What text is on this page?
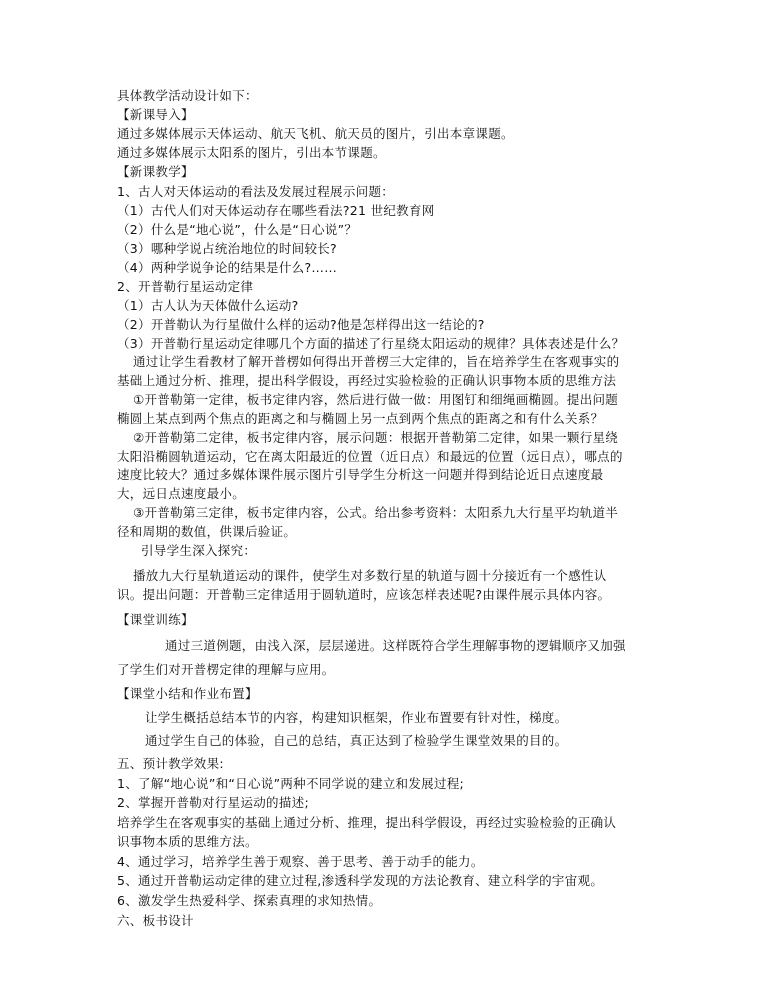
具体教学活动设计如下：
【新课导入】
通过多媒体展示天体运动、航天飞机、航天员的图片，引出本章课题。
通过多媒体展示太阳系的图片，引出本节课题。
【新课教学】
1、古人对天体运动的看法及发展过程展示问题：
（1）古代人们对天体运动存在哪些看法?21 世纪教育网
（2）什么是“地心说”，什么是“日心说”？
（3）哪种学说占统治地位的时间较长?
（4）两种学说争论的结果是什么?……
2、开普勒行星运动定律
（1）古人认为天体做什么运动?
（2）开普勒认为行星做什么样的运动?他是怎样得出这一结论的?
（3）开普勒行星运动定律哪几个方面的描述了行星绕太阳运动的规律？具体表述是什么？
通过让学生看教材了解开普楞如何得出开普楞三大定律的，旨在培养学生在客观事实的
基础上通过分析、推理，提出科学假设，再经过实验检验的正确认识事物本质的思维方法
①开普勒第一定律，板书定律内容，然后进行做一做：用图钉和细绳画椭圆。提出问题
椭圆上某点到两个焦点的距离之和与椭圆上另一点到两个焦点的距离之和有什么关系？
②开普勒第二定律，板书定律内容，展示问题：根据开普勒第二定律，如果一颗行星绕
太阳沿椭圆轨道运动，它在离太阳最近的位置（近日点）和最远的位置（远日点），哪点的
速度比较大？通过多媒体课件展示图片引导学生分析这一问题并得到结论近日点速度最
大，远日点速度最小。
③开普勒第三定律，板书定律内容，公式。给出参考资料：太阳系九大行星平均轨道半
径和周期的数值，供课后验证。
引导学生深入探究：
播放九大行星轨道运动的课件，使学生对多数行星的轨道与圆十分接近有一个感性认
识。提出问题：开普勒三定律适用于圆轨道时，应该怎样表述呢?由课件展示具体内容。
【课堂训练】
通过三道例题，由浅入深，层层递进。这样既符合学生理解事物的逻辑顺序又加强
了学生们对开普楞定律的理解与应用。
【课堂小结和作业布置】
让学生概括总结本节的内容，构建知识框架，作业布置要有针对性，梯度。
通过学生自己的体验，自己的总结，真正达到了检验学生课堂效果的目的。
五、预计教学效果:
1、了解“地心说”和“日心说”两种不同学说的建立和发展过程;
2、掌握开普勒对行星运动的描述;
培养学生在客观事实的基础上通过分析、推理，提出科学假设，再经过实验检验的正确认
识事物本质的思维方法。
4、通过学习，培养学生善于观察、善于思考、善于动手的能力。
5、通过开普勒运动定律的建立过程,渗透科学发现的方法论教育、建立科学的宇宙观。
6、激发学生热爱科学、探索真理的求知热情。
六、板书设计
